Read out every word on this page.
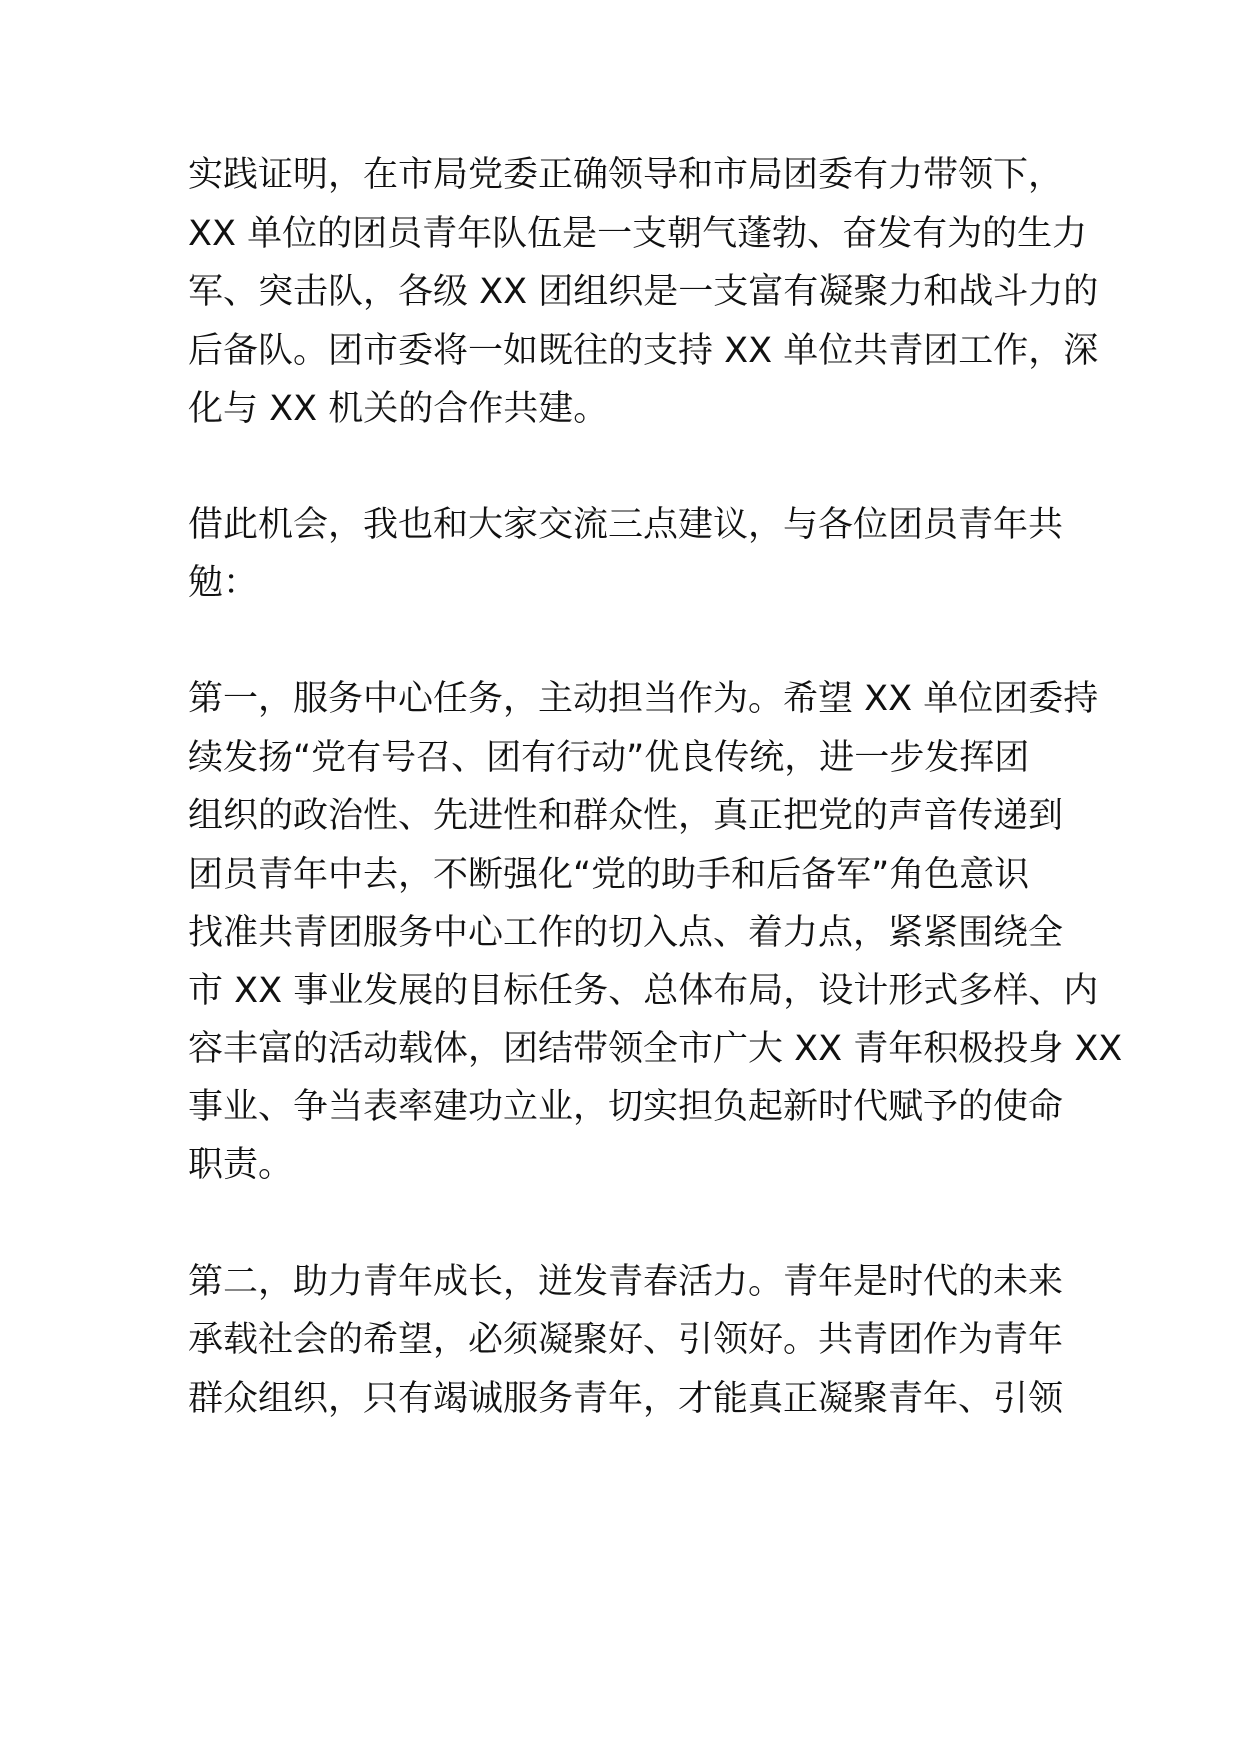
实践证明，在市局党委正确领导和市局团委有力带领下，
XX 单位的团员青年队伍是一支朝气蓬勃、奋发有为的生力
军、突击队，各级 XX 团组织是一支富有凝聚力和战斗力的
后备队。团市委将一如既往的支持 XX 单位共青团工作，深
化与 XX 机关的合作共建。
借此机会，我也和大家交流三点建议，与各位团员青年共
勉：
第一，服务中心任务，主动担当作为。希望 XX 单位团委持
续发扬“党有号召、团有行动”优良传统，进一步发挥团
组织的政治性、先进性和群众性，真正把党的声音传递到
团员青年中去，不断强化“党的助手和后备军”角色意识
找准共青团服务中心工作的切入点、着力点，紧紧围绕全
市 XX 事业发展的目标任务、总体布局，设计形式多样、内
容丰富的活动载体，团结带领全市广大 XX 青年积极投身 XX
事业、争当表率建功立业，切实担负起新时代赋予的使命
职责。
第二，助力青年成长，迸发青春活力。青年是时代的未来
承载社会的希望，必须凝聚好、引领好。共青团作为青年
群众组织，只有竭诚服务青年，才能真正凝聚青年、引领
